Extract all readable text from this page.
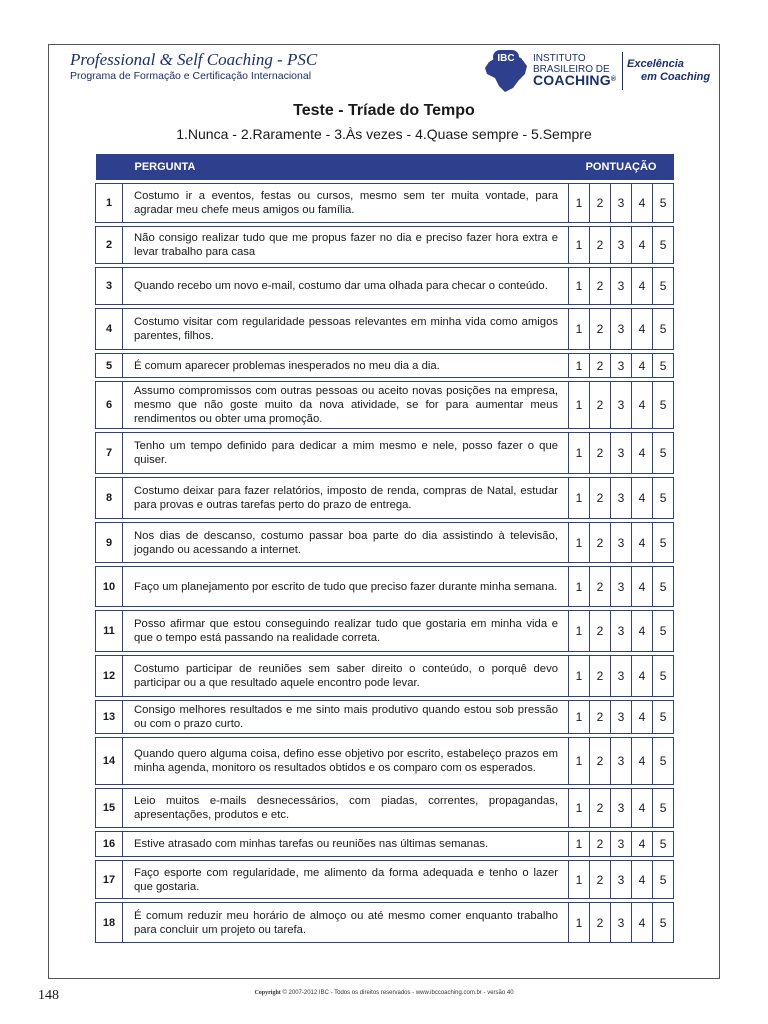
Professional & Self Coaching - PSC
Programa de Formação e Certificação Internacional
IBC INSTITUTO
BRASILEIRO DE
COACHING®
Excelência
em Coaching
Teste - Tríade do Tempo
1.Nunca - 2.Raramente - 3.Às vezes - 4.Quase sempre - 5.Sempre
PERGUNTA		PONTUAÇÃO				

1	Costumo ir a eventos, festas ou cursos, mesmo sem ter muita vontade, para agradar meu chefe meus amigos ou família.	1	2	3	4	5

2	Não consigo realizar tudo que me propus fazer no dia e preciso fazer hora extra e levar trabalho para casa	1	2	3	4	5

3	Quando recebo um novo e-mail, costumo dar uma olhada para checar o conteúdo.	1	2	3	4	5

4	Costumo visitar com regularidade pessoas relevantes em minha vida como amigos parentes, filhos.	1	2	3	4	5

5	É comum aparecer problemas inesperados no meu dia a dia.	1	2	3	4	5

6	Assumo compromissos com outras pessoas ou aceito novas posições na empresa, mesmo que não goste muito da nova atividade, se for para aumentar meus rendimentos ou obter uma promoção.	1	2	3	4	5

7	Tenho um tempo definido para dedicar a mim mesmo e nele, posso fazer o que quiser.	1	2	3	4	5

8	Costumo deixar para fazer relatórios, imposto de renda, compras de Natal, estudar para provas e outras tarefas perto do prazo de entrega.	1	2	3	4	5

9	Nos dias de descanso, costumo passar boa parte do dia assistindo à televisão, jogando ou acessando a internet.	1	2	3	4	5

10	Faço um planejamento por escrito de tudo que preciso fazer durante minha semana.	1	2	3	4	5

11	Posso afirmar que estou conseguindo realizar tudo que gostaria em minha vida e que o tempo está passando na realidade correta.	1	2	3	4	5

12	Costumo participar de reuniões sem saber direito o conteúdo, o porquê devo participar ou a que resultado aquele encontro pode levar.	1	2	3	4	5

13	Consigo melhores resultados e me sinto mais produtivo quando estou sob pressão ou com o prazo curto.	1	2	3	4	5

14	Quando quero alguma coisa, defino esse objetivo por escrito, estabeleço prazos em minha agenda, monitoro os resultados obtidos e os comparo com os esperados.	1	2	3	4	5

15	Leio muitos e-mails desnecessários, com piadas, correntes, propagandas, apresentações, produtos e etc.	1	2	3	4	5

16	Estive atrasado com minhas tarefas ou reuniões nas últimas semanas.	1	2	3	4	5

17	Faço esporte com regularidade, me alimento da forma adequada e tenho o lazer que gostaria.	1	2	3	4	5

18	É comum reduzir meu horário de almoço ou até mesmo comer enquanto trabalho para concluir um projeto ou tarefa.	1	2	3	4	5
148	Copyright © 2007-2012 IBC - Todos os direitos reservados - www.ibccoaching.com.br - versão 40
